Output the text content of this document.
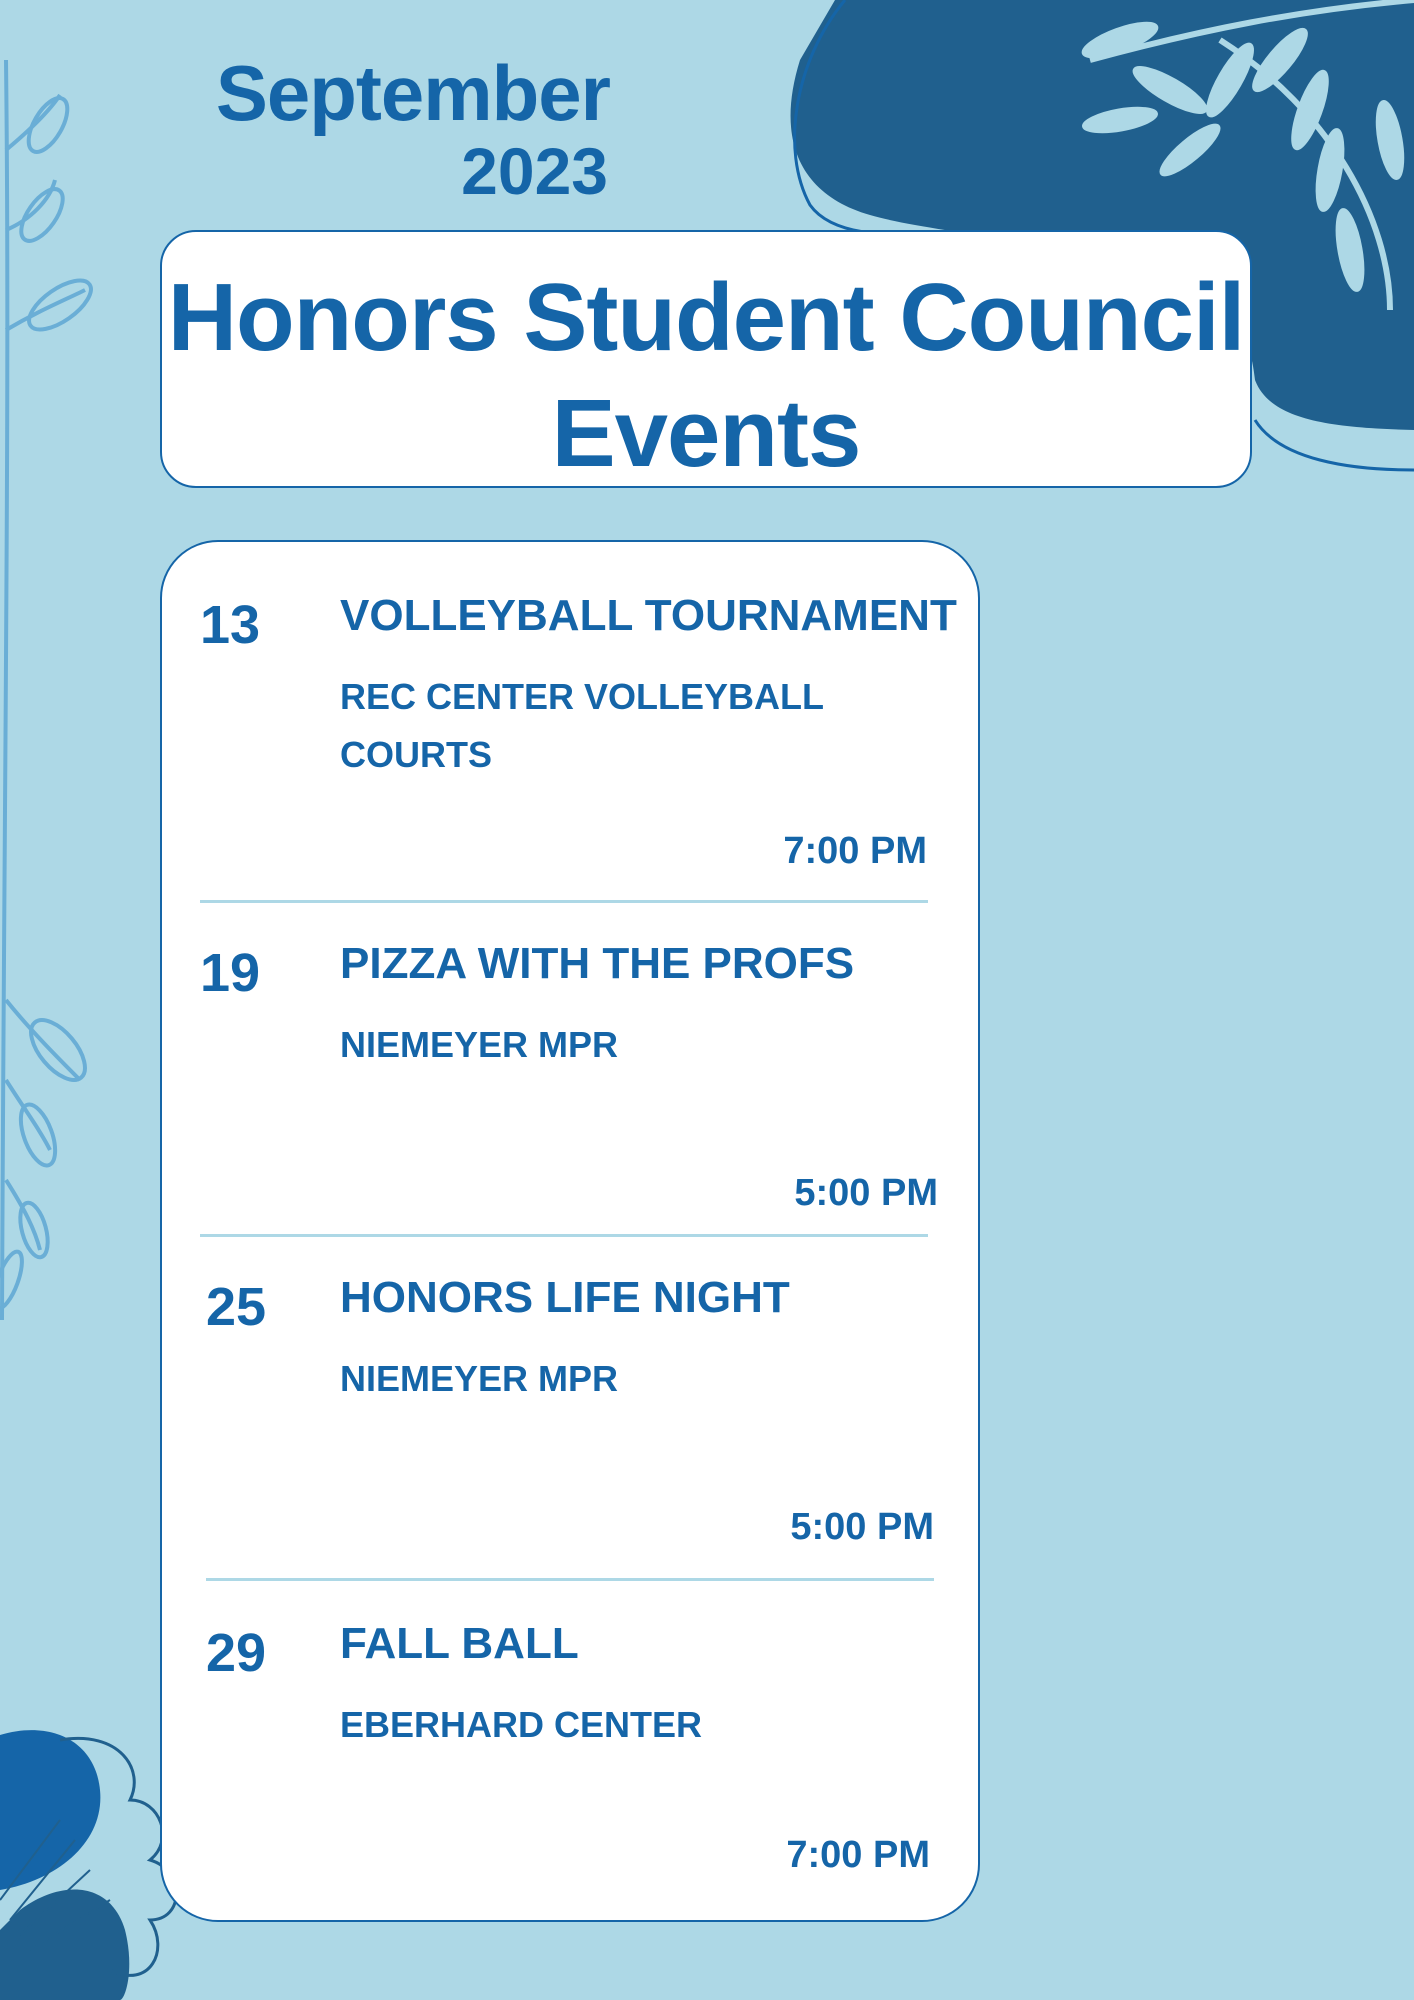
September
2023
Honors Student Council Events
13 VOLLEYBALL TOURNAMENT
REC CENTER VOLLEYBALL COURTS
7:00 PM
19 PIZZA WITH THE PROFS
NIEMEYER MPR
5:00 PM
25 HONORS LIFE NIGHT
NIEMEYER MPR
5:00 PM
29 FALL BALL
EBERHARD CENTER
7:00 PM
